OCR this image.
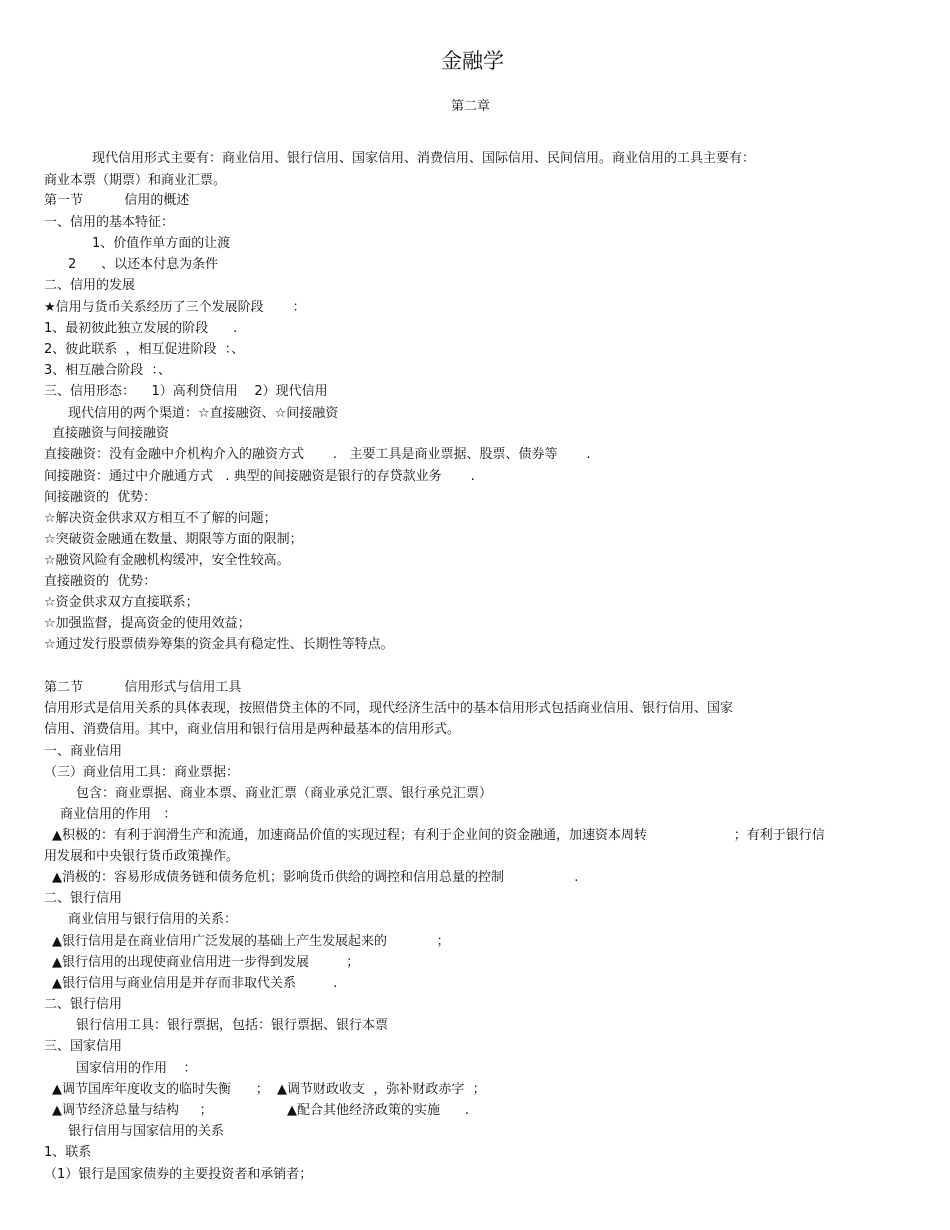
金融学
第二章
现代信用形式主要有：商业信用、银行信用、国家信用、消费信用、国际信用、民间信用。商业信用的工具主要有：
商业本票（期票）和商业汇票。
第一节          信用的概述
一、信用的基本特征：
1、价值作单方面的让渡
2      、以还本付息为条件
二、信用的发展
★信用与货币关系经历了三个发展阶段       ：
1、最初彼此独立发展的阶段      .
2、彼此联系  ，相互促进阶段  ：、
3、相互融合阶段  ：、
三、信用形态：    1）高利贷信用    2）现代信用
现代信用的两个渠道：☆直接融资、☆间接融资
直接融资与间接融资
直接融资：没有金融中介机构介入的融资方式       .   主要工具是商业票据、股票、债券等       .
间接融资：通过中介融通方式   . 典型的间接融资是银行的存贷款业务       .
间接融资的  优势：
☆解决资金供求双方相互不了解的问题；
☆突破资金融通在数量、期限等方面的限制；
☆融资风险有金融机构缓冲，安全性较高。
直接融资的  优势：
☆资金供求双方直接联系；
☆加强监督，提高资金的使用效益；
☆通过发行股票债券筹集的资金具有稳定性、长期性等特点。
第二节          信用形式与信用工具
信用形式是信用关系的具体表现，按照借贷主体的不同，现代经济生活中的基本信用形式包括商业信用、银行信用、国家
信用、消费信用。其中，商业信用和银行信用是两种最基本的信用形式。
一、商业信用
（三）商业信用工具：商业票据：
包含：商业票据、商业本票、商业汇票（商业承兑汇票、银行承兑汇票）
商业信用的作用   ：
▲积极的：有利于润滑生产和流通，加速商品价值的实现过程；有利于企业间的资金融通，加速资本周转                     ；有利于银行信
用发展和中央银行货币政策操作。
▲消极的：容易形成债务链和债务危机；影响货币供给的调控和信用总量的控制                 .
二、银行信用
商业信用与银行信用的关系：
▲银行信用是在商业信用广泛发展的基础上产生发展起来的            ；
▲银行信用的出现使商业信用进一步得到发展         ；
▲银行信用与商业信用是并存而非取代关系         .
二、银行信用
银行信用工具：银行票据，包括：银行票据、银行本票
三、国家信用
国家信用的作用    ：
▲调节国库年度收支的临时失衡      ；  ▲调节财政收支  ，弥补财政赤字  ；
▲调节经济总量与结构     ；                  ▲配合其他经济政策的实施      .
银行信用与国家信用的关系
1、联系
（1）银行是国家债券的主要投资者和承销者；
